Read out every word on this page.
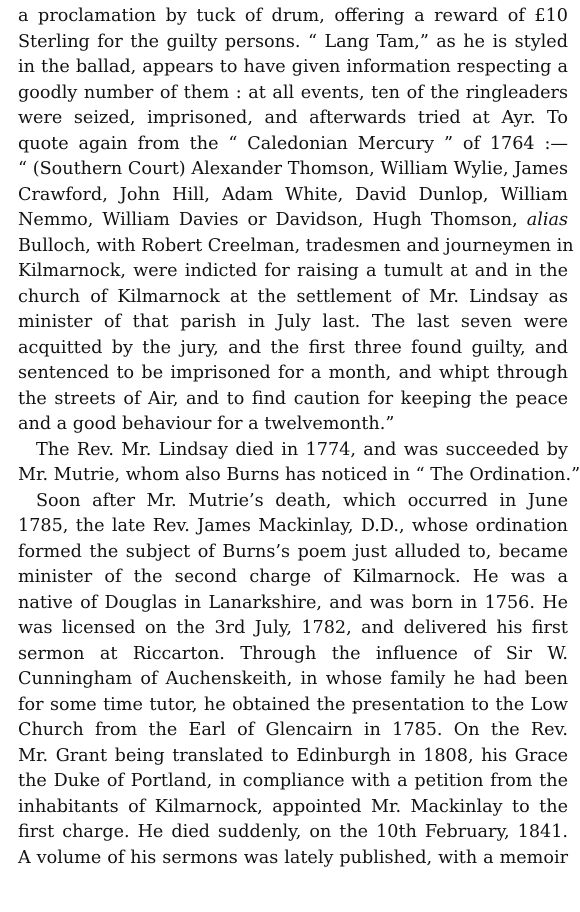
a proclamation by tuck of drum, offering a reward of £10
Sterling for the guilty persons. “ Lang Tam,” as he is styled
in the ballad, appears to have given information respecting a
goodly number of them : at all events, ten of the ringleaders
were seized, imprisoned, and afterwards tried at Ayr. To
quote again from the “ Caledonian Mercury ” of 1764 :—
“ (Southern Court) Alexander Thomson, William Wylie, James
Crawford, John Hill, Adam White, David Dunlop, William
Nemmo, William Davies or Davidson, Hugh Thomson, alias
Bulloch, with Robert Creelman, tradesmen and journeymen in
Kilmarnock, were indicted for raising a tumult at and in the
church of Kilmarnock at the settlement of Mr. Lindsay as
minister of that parish in July last. The last seven were
acquitted by the jury, and the first three found guilty, and
sentenced to be imprisoned for a month, and whipt through
the streets of Air, and to find caution for keeping the peace
and a good behaviour for a twelvemonth.”
The Rev. Mr. Lindsay died in 1774, and was succeeded by
Mr. Mutrie, whom also Burns has noticed in “ The Ordination.”
Soon after Mr. Mutrie’s death, which occurred in June
1785, the late Rev. James Mackinlay, D.D., whose ordination
formed the subject of Burns’s poem just alluded to, became
minister of the second charge of Kilmarnock. He was a
native of Douglas in Lanarkshire, and was born in 1756. He
was licensed on the 3rd July, 1782, and delivered his first
sermon at Riccarton. Through the influence of Sir W.
Cunningham of Auchenskeith, in whose family he had been
for some time tutor, he obtained the presentation to the Low
Church from the Earl of Glencairn in 1785. On the Rev.
Mr. Grant being translated to Edinburgh in 1808, his Grace
the Duke of Portland, in compliance with a petition from the
inhabitants of Kilmarnock, appointed Mr. Mackinlay to the
first charge. He died suddenly, on the 10th February, 1841.
A volume of his sermons was lately published, with a memoir
